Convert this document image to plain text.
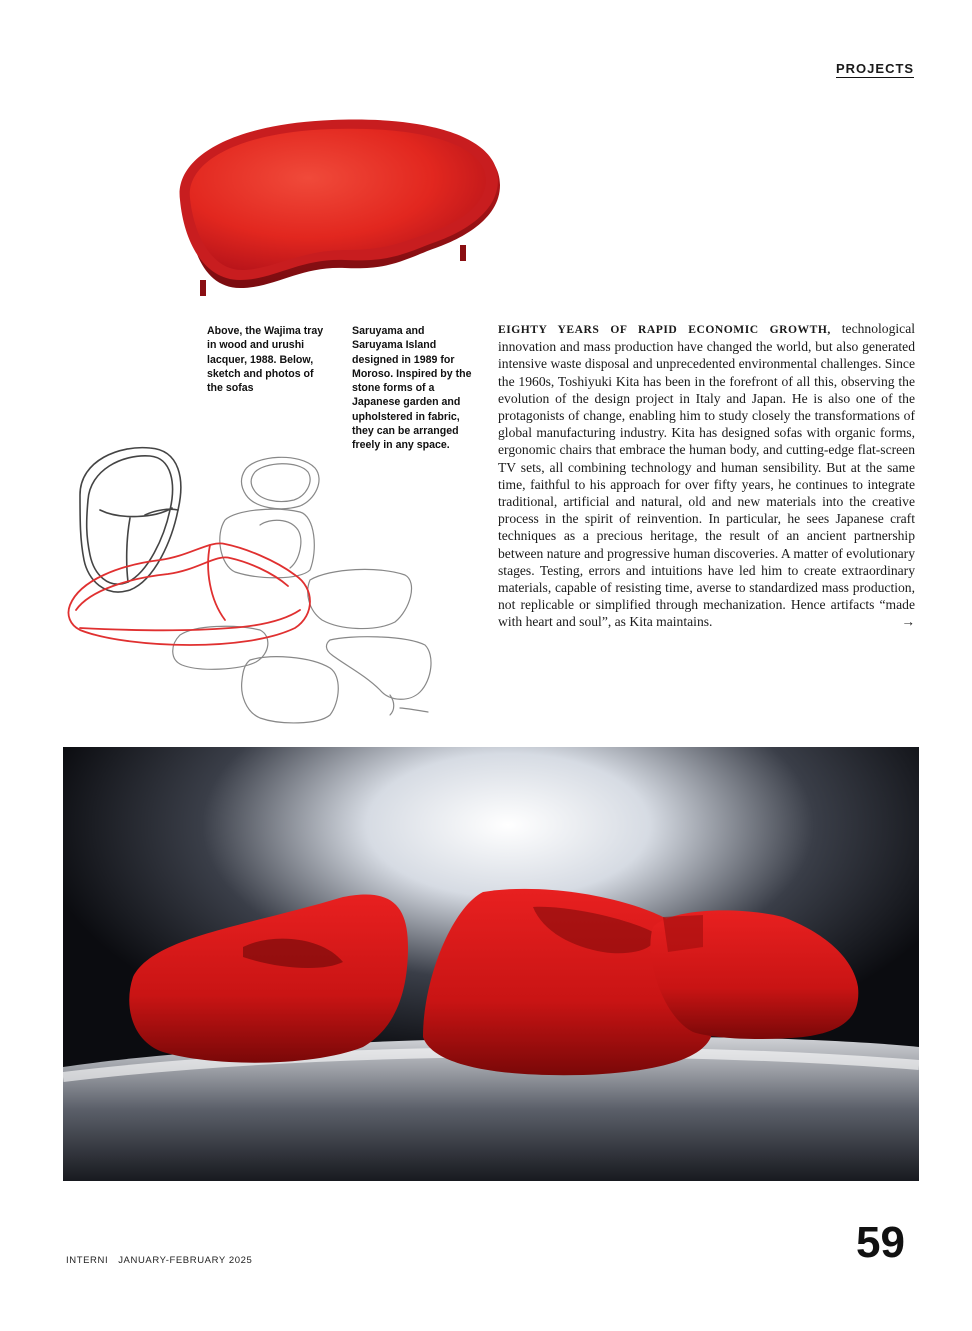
PROJECTS
Above, the Wajima tray in wood and urushi lacquer, 1988. Below, sketch and photos of the sofas
Saruyama and Saruyama Island designed in 1989 for Moroso. Inspired by the stone forms of a Japanese garden and upholstered in fabric, they can be arranged freely in any space.
EIGHTY YEARS OF RAPID ECONOMIC GROWTH, technological innovation and mass production have changed the world, but also generated intensive waste disposal and unprecedented environmental challenges. Since the 1960s, Toshiyuki Kita has been in the forefront of all this, observing the evolution of the design project in Italy and Japan. He is also one of the protagonists of change, enabling him to study closely the transformations of global manufacturing industry. Kita has designed sofas with organic forms, ergonomic chairs that embrace the human body, and cutting-edge flat-screen TV sets, all combining technology and human sensibility. But at the same time, faithful to his approach for over fifty years, he continues to integrate traditional, artificial and natural, old and new materials into the creative process in the spirit of reinvention. In particular, he sees Japanese craft techniques as a precious heritage, the result of an ancient partnership between nature and progressive human discoveries. A matter of evolutionary stages. Testing, errors and intuitions have led him to create extraordinary materials, capable of resisting time, averse to standardized mass production, not replicable or simplified through mechanization. Hence artifacts “made with heart and soul”, as Kita maintains.	→
INTERNI JANUARY-FEBRUARY 2025	59
